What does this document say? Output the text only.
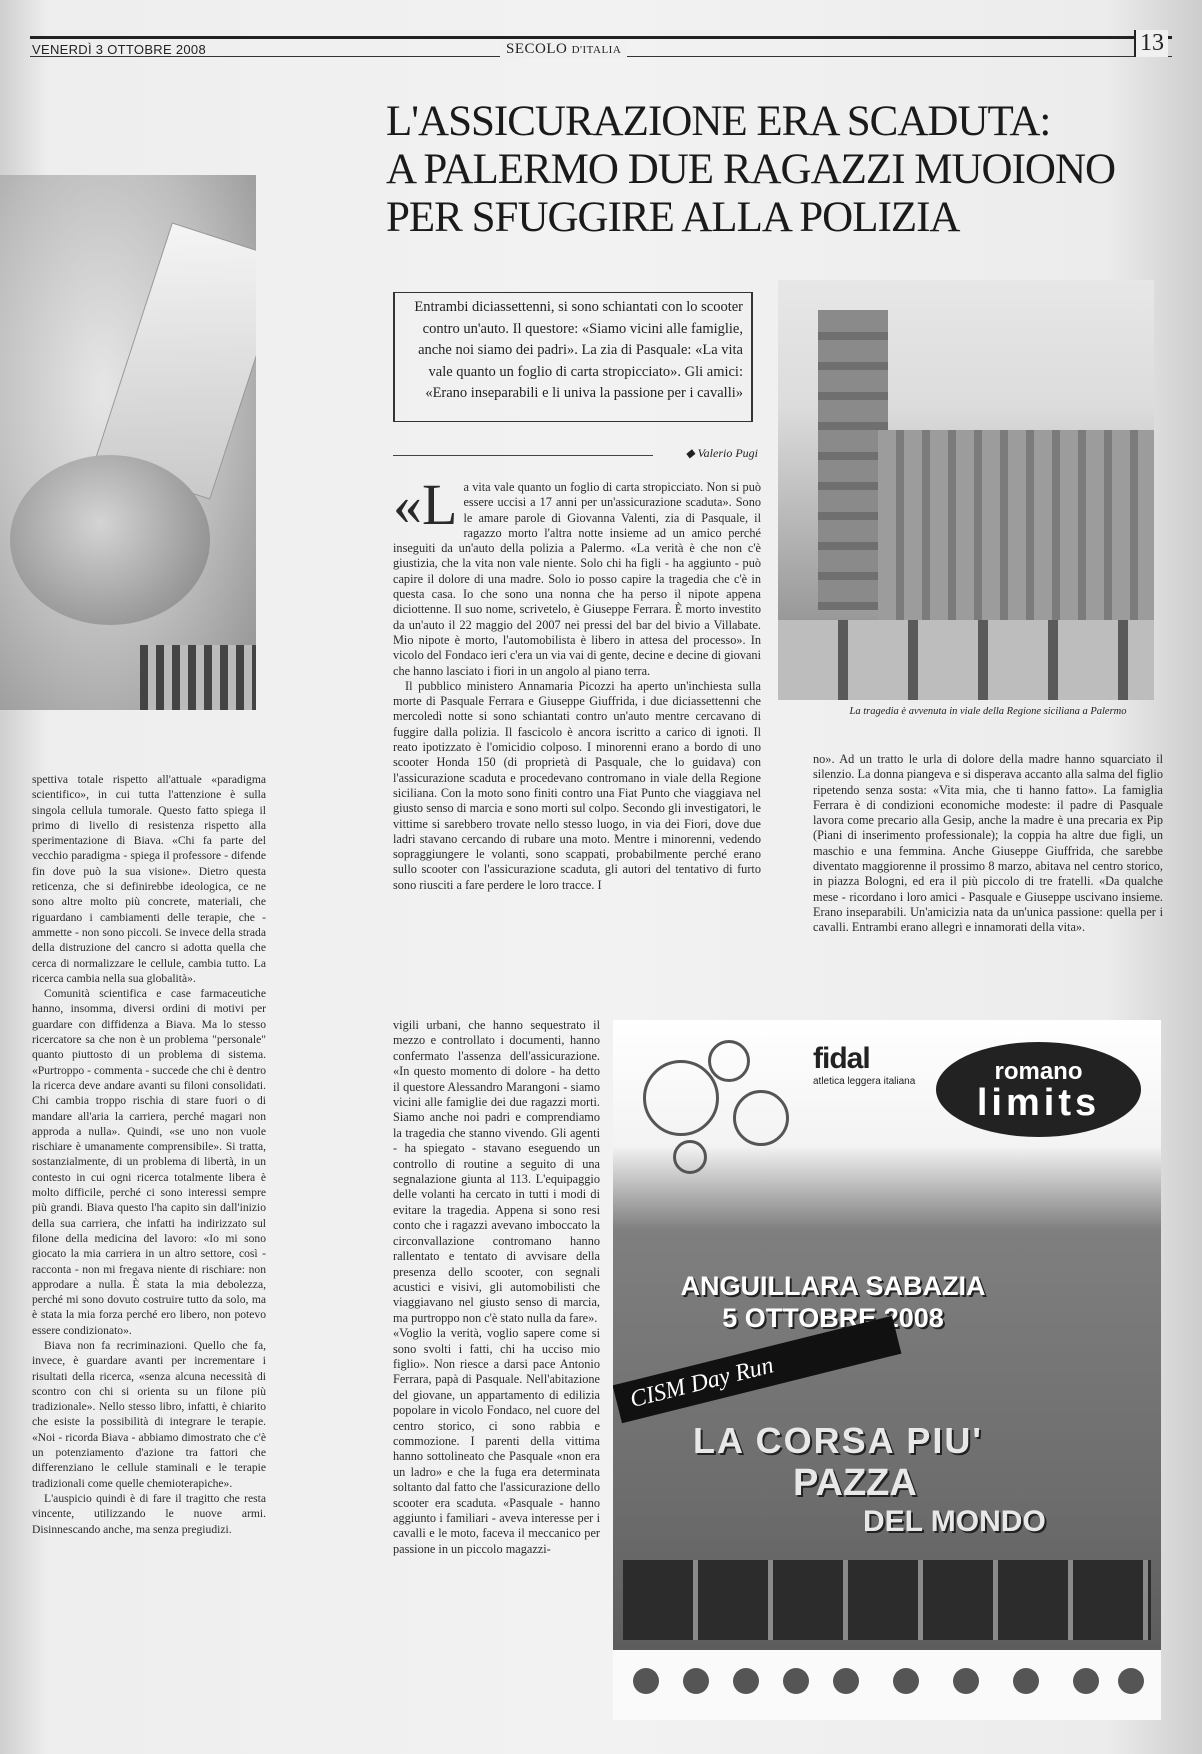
VENERDÌ 3 OTTOBRE 2008	SECOLO D'ITALIA	13
L'ASSICURAZIONE ERA SCADUTA:
A PALERMO DUE RAGAZZI MUOIONO
PER SFUGGIRE ALLA POLIZIA
Entrambi diciassettenni, si sono schiantati con lo scooter contro un'auto. Il questore: «Siamo vicini alle famiglie, anche noi siamo dei padri». La zia di Pasquale: «La vita vale quanto un foglio di carta stropicciato». Gli amici: «Erano inseparabili e li univa la passione per i cavalli»
◆ Valerio Pugi
La tragedia è avvenuta in viale della Regione siciliana a Palermo

«La vita vale quanto un foglio di carta stropicciato. Non si può essere uccisi a 17 anni per un'assicurazione scaduta». Sono le amare parole di Giovanna Valenti, zia di Pasquale, il ragazzo morto l'altra notte insieme ad un amico perché inseguiti da un'auto della polizia a Palermo. «La verità è che non c'è giustizia, che la vita non vale niente. Solo chi ha figli - ha aggiunto - può capire il dolore di una madre. Solo io posso capire la tragedia che c'è in questa casa. Io che sono una nonna che ha perso il nipote appena diciottenne. Il suo nome, scrivetelo, è Giuseppe Ferrara. È morto investito da un'auto il 22 maggio del 2007 nei pressi del bar del bivio a Villabate. Mio nipote è morto, l'automobilista è libero in attesa del processo». In vicolo del Fondaco ieri c'era un via vai di gente, decine e decine di giovani che hanno lasciato i fiori in un angolo al piano terra.

Il pubblico ministero Annamaria Picozzi ha aperto un'inchiesta sulla morte di Pasquale Ferrara e Giuseppe Giuffrida, i due diciassettenni che mercoledì notte si sono schiantati contro un'auto mentre cercavano di fuggire dalla polizia. Il fascicolo è ancora iscritto a carico di ignoti. Il reato ipotizzato è l'omicidio colposo. I minorenni erano a bordo di uno scooter Honda 150 (di proprietà di Pasquale, che lo guidava) con l'assicurazione scaduta e procedevano contromano in viale della Regione siciliana. Con la moto sono finiti contro una Fiat Punto che viaggiava nel giusto senso di marcia e sono morti sul colpo. Secondo gli investigatori, le vittime si sarebbero trovate nello stesso luogo, in via dei Fiori, dove due ladri stavano cercando di rubare una moto. Mentre i minorenni, vedendo sopraggiungere le volanti, sono scappati, probabilmente perché erano sullo scooter con l'assicurazione scaduta, gli autori del tentativo di furto sono riusciti a fare perdere le loro tracce. I

vigili urbani, che hanno sequestrato il mezzo e controllato i documenti, hanno confermato l'assenza dell'assicurazione. «In questo momento di dolore - ha detto il questore Alessandro Marangoni - siamo vicini alle famiglie dei due ragazzi morti. Siamo anche noi padri e comprendiamo la tragedia che stanno vivendo. Gli agenti - ha spiegato - stavano eseguendo un controllo di routine a seguito di una segnalazione giunta al 113. L'equipaggio delle volanti ha cercato in tutti i modi di evitare la tragedia. Appena si sono resi conto che i ragazzi avevano imboccato la circonvallazione contromano hanno rallentato e tentato di avvisare della presenza dello scooter, con segnali acustici e visivi, gli automobilisti che viaggiavano nel giusto senso di marcia, ma purtroppo non c'è stato nulla da fare».

«Voglio la verità, voglio sapere come si sono svolti i fatti, chi ha ucciso mio figlio». Non riesce a darsi pace Antonio Ferrara, papà di Pasquale. Nell'abitazione del giovane, un appartamento di edilizia popolare in vicolo Fondaco, nel cuore del centro storico, ci sono rabbia e commozione. I parenti della vittima hanno sottolineato che Pasquale «non era un ladro» e che la fuga era determinata soltanto dal fatto che l'assicurazione dello scooter era scaduta. «Pasquale - hanno aggiunto i familiari - aveva interesse per i cavalli e le moto, faceva il meccanico per passione in un piccolo magazzi-

no». Ad un tratto le urla di dolore della madre hanno squarciato il silenzio. La donna piangeva e si disperava accanto alla salma del figlio ripetendo senza sosta: «Vita mia, che ti hanno fatto». La famiglia Ferrara è di condizioni economiche modeste: il padre di Pasquale lavora come precario alla Gesip, anche la madre è una precaria ex Pip (Piani di inserimento professionale); la coppia ha altre due figli, un maschio e una femmina. Anche Giuseppe Giuffrida, che sarebbe diventato maggiorenne il prossimo 8 marzo, abitava nel centro storico, in piazza Bologni, ed era il più piccolo di tre fratelli. «Da qualche mese - ricordano i loro amici - Pasquale e Giuseppe uscivano insieme. Erano inseparabili. Un'amicizia nata da un'unica passione: quella per i cavalli. Entrambi erano allegri e innamorati della vita».

spettiva totale rispetto all'attuale «paradigma scientifico», in cui tutta l'attenzione è sulla singola cellula tumorale. Questo fatto spiega il primo di livello di resistenza rispetto alla sperimentazione di Biava. «Chi fa parte del vecchio paradigma - spiega il professore - difende fin dove può la sua visione». Dietro questa reticenza, che si definirebbe ideologica, ce ne sono altre molto più concrete, materiali, che riguardano i cambiamenti delle terapie, che - ammette - non sono piccoli. Se invece della strada della distruzione del cancro si adotta quella che cerca di normalizzare le cellule, cambia tutto. La ricerca cambia nella sua globalità».

Comunità scientifica e case farmaceutiche hanno, insomma, diversi ordini di motivi per guardare con diffidenza a Biava. Ma lo stesso ricercatore sa che non è un problema "personale" quanto piuttosto di un problema di sistema. «Purtroppo - commenta - succede che chi è dentro la ricerca deve andare avanti su filoni consolidati. Chi cambia troppo rischia di stare fuori o di mandare all'aria la carriera, perché magari non approda a nulla». Quindi, «se uno non vuole rischiare è umanamente comprensibile». Si tratta, sostanzialmente, di un problema di libertà, in un contesto in cui ogni ricerca totalmente libera è molto difficile, perché ci sono interessi sempre più grandi. Biava questo l'ha capito sin dall'inizio della sua carriera, che infatti ha indirizzato sul filone della medicina del lavoro: «Io mi sono giocato la mia carriera in un altro settore, così - racconta - non mi fregava niente di rischiare: non approdare a nulla. È stata la mia debolezza, perché mi sono dovuto costruire tutto da solo, ma è stata la mia forza perché ero libero, non potevo essere condizionato».

Biava non fa recriminazioni. Quello che fa, invece, è guardare avanti per incrementare i risultati della ricerca, «senza alcuna necessità di scontro con chi si orienta su un filone più tradizionale». Nello stesso libro, infatti, è chiarito che esiste la possibilità di integrare le terapie. «Noi - ricorda Biava - abbiamo dimostrato che c'è un potenziamento d'azione tra fattori che differenziano le cellule staminali e le terapie tradizionali come quelle chemioterapiche».

L'auspicio quindi è di fare il tragitto che resta vincente, utilizzando le nuove armi. Disinnescando anche, ma senza pregiudizi.

fidal
atletica leggera italiana	romano
limits
ANGUILLARA SABAZIA
5 OTTOBRE 2008
CISM Day Run
LA CORSA PIU'
PAZZA
DEL MONDO
